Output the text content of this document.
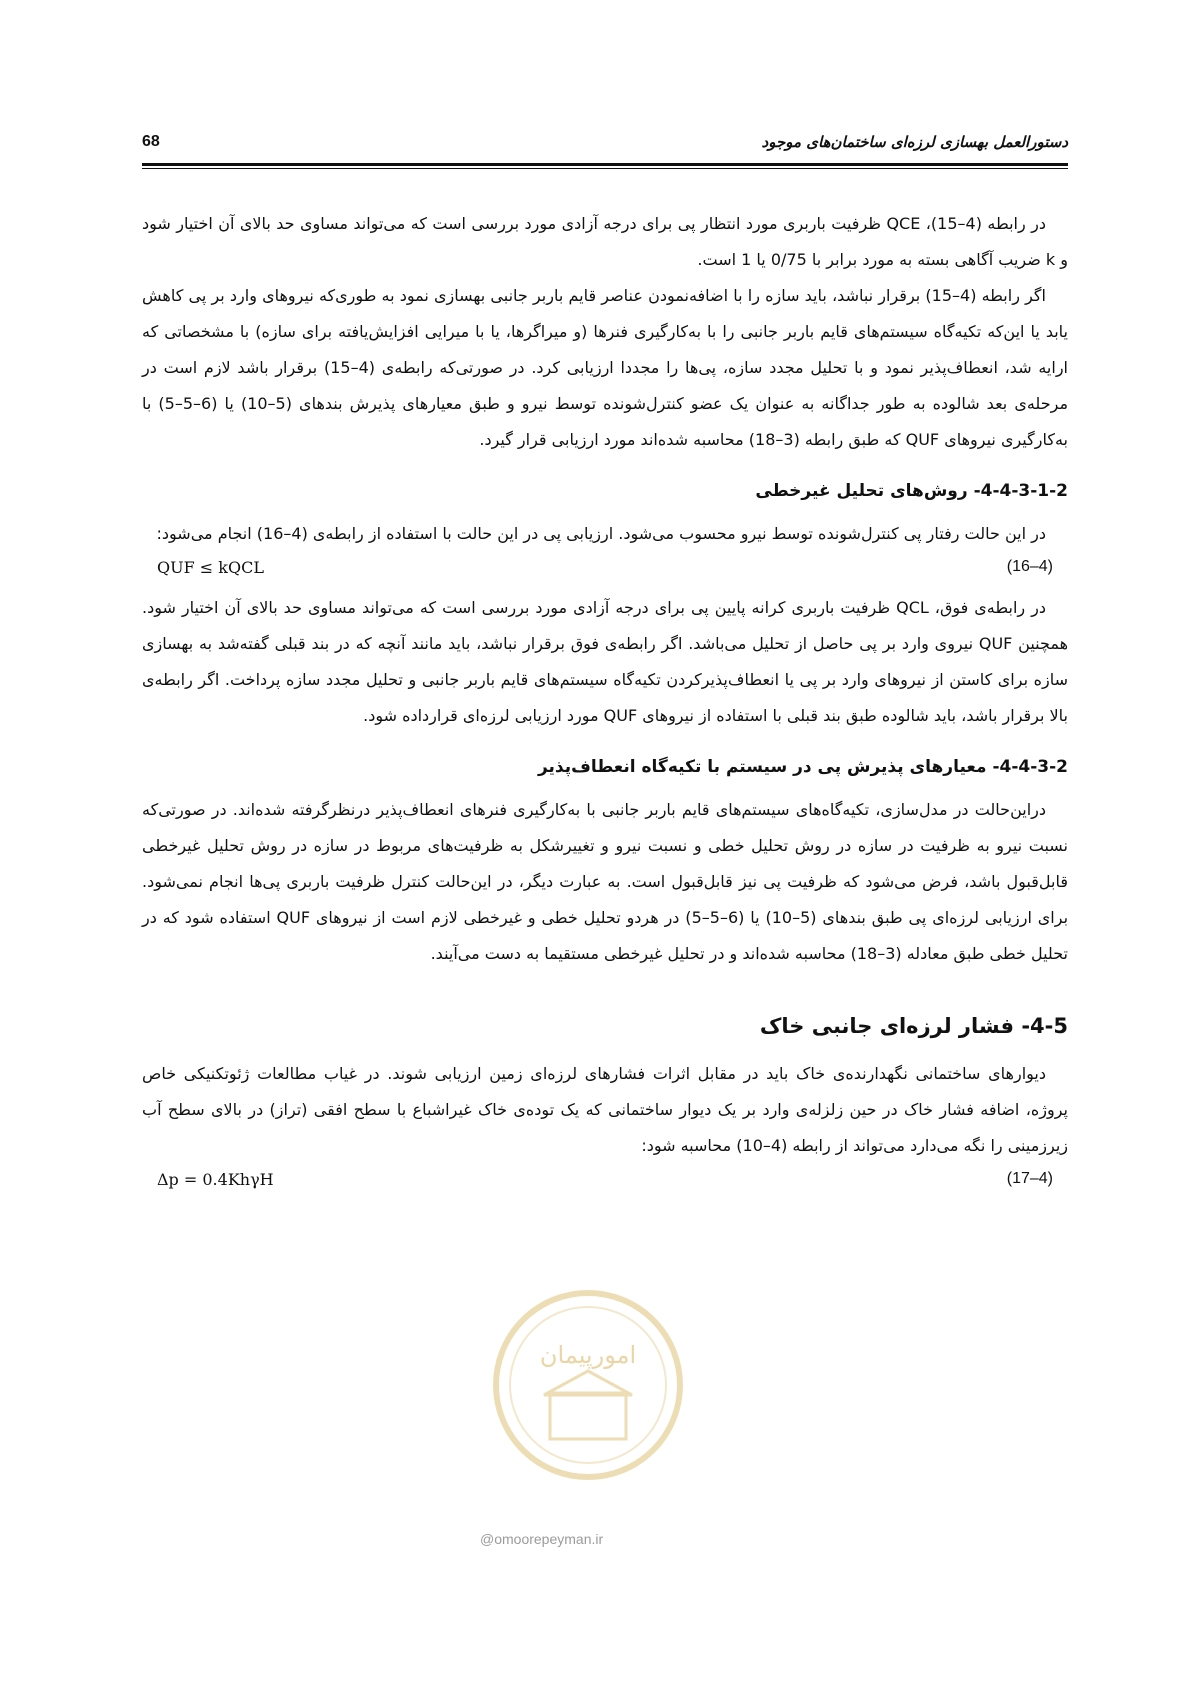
دستورالعمل بهسازی لرزه‌ای ساختمان‌های موجود
68

در رابطه (4–15)، QCE ظرفیت باربری مورد انتظار پی برای درجه آزادی مورد بررسی است که می‌تواند مساوی حد بالای آن اختیار شود و k ضریب آگاهی بسته به مورد برابر با 0/75 یا 1 است.

اگر رابطه (4–15) برقرار نباشد، باید سازه را با اضافه‌نمودن عناصر قایم باربر جانبی بهسازی نمود به طوری‌که نیروهای وارد بر پی کاهش یابد یا این‌که تکیه‌گاه سیستم‌های قایم باربر جانبی را با به‌کارگیری فنرها (و میراگرها، یا با میرایی افزایش‌یافته برای سازه) با مشخصاتی که ارایه شد، انعطاف‌پذیر نمود و با تحلیل مجدد سازه، پی‌ها را مجددا ارزیابی کرد. در صورتی‌که رابطه‌ی (4–15) برقرار باشد لازم است در مرحله‌ی بعد شالوده به طور جداگانه به عنوان یک عضو کنترل‌شونده توسط نیرو و طبق معیارهای پذیرش بندهای (5–10) یا (6–5–5) با به‌کارگیری نیروهای QUF که طبق رابطه (3–18) محاسبه شده‌اند مورد ارزیابی قرار گیرد.

4-4-3-1-2- روش‌های تحلیل غیرخطی

در این حالت رفتار پی کنترل‌شونده توسط نیرو محسوب می‌شود. ارزیابی پی در این حالت با استفاده از رابطه‌ی (4–16) انجام می‌شود:

QUF ≤ kQCL	(16–4)

در رابطه‌ی فوق، QCL ظرفیت باربری کرانه پایین پی برای درجه آزادی مورد بررسی است که می‌تواند مساوی حد بالای آن اختیار شود. همچنین QUF نیروی وارد بر پی حاصل از تحلیل می‌باشد. اگر رابطه‌ی فوق برقرار نباشد، باید مانند آنچه که در بند قبلی گفته‌شد به بهسازی سازه برای کاستن از نیروهای وارد بر پی یا انعطاف‌پذیرکردن تکیه‌گاه سیستم‌های قایم باربر جانبی و تحلیل مجدد سازه پرداخت. اگر رابطه‌ی بالا برقرار باشد، باید شالوده طبق بند قبلی با استفاده از نیروهای QUF مورد ارزیابی لرزه‌ای قرارداده شود.

4-4-3-2- معیارهای پذیرش پی در سیستم با تکیه‌گاه انعطاف‌پذیر

دراین‌حالت در مدل‌سازی، تکیه‌گاه‌های سیستم‌های قایم باربر جانبی با به‌کارگیری فنرهای انعطاف‌پذیر درنظرگرفته شده‌اند. در صورتی‌که نسبت نیرو به ظرفیت در سازه در روش تحلیل خطی و نسبت نیرو و تغییرشکل به ظرفیت‌های مربوط در سازه در روش تحلیل غیرخطی قابل‌قبول باشد، فرض می‌شود که ظرفیت پی نیز قابل‌قبول است. به عبارت دیگر، در این‌حالت کنترل ظرفیت باربری پی‌ها انجام نمی‌شود. برای ارزیابی لرزه‌ای پی طبق بندهای (5–10) یا (6–5–5) در هردو تحلیل خطی و غیرخطی لازم است از نیروهای QUF استفاده شود که در تحلیل خطی طبق معادله (3–18) محاسبه شده‌اند و در تحلیل غیرخطی مستقیما به دست می‌آیند.

4-5- فشار لرزه‌ای جانبی خاک

دیوارهای ساختمانی نگهدارنده‌ی خاک باید در مقابل اثرات فشارهای لرزه‌ای زمین ارزیابی شوند. در غیاب مطالعات ژئوتکنیکی خاص پروژه، اضافه فشار خاک در حین زلزله‌ی وارد بر یک دیوار ساختمانی که یک توده‌ی خاک غیراشباع با سطح افقی (تراز) در بالای سطح آب زیرزمینی را نگه می‌دارد می‌تواند از رابطه (4–10) محاسبه شود:

Δp = 0.4KhγH	(17–4)
امورپیمان
@omoorepeyman.ir
